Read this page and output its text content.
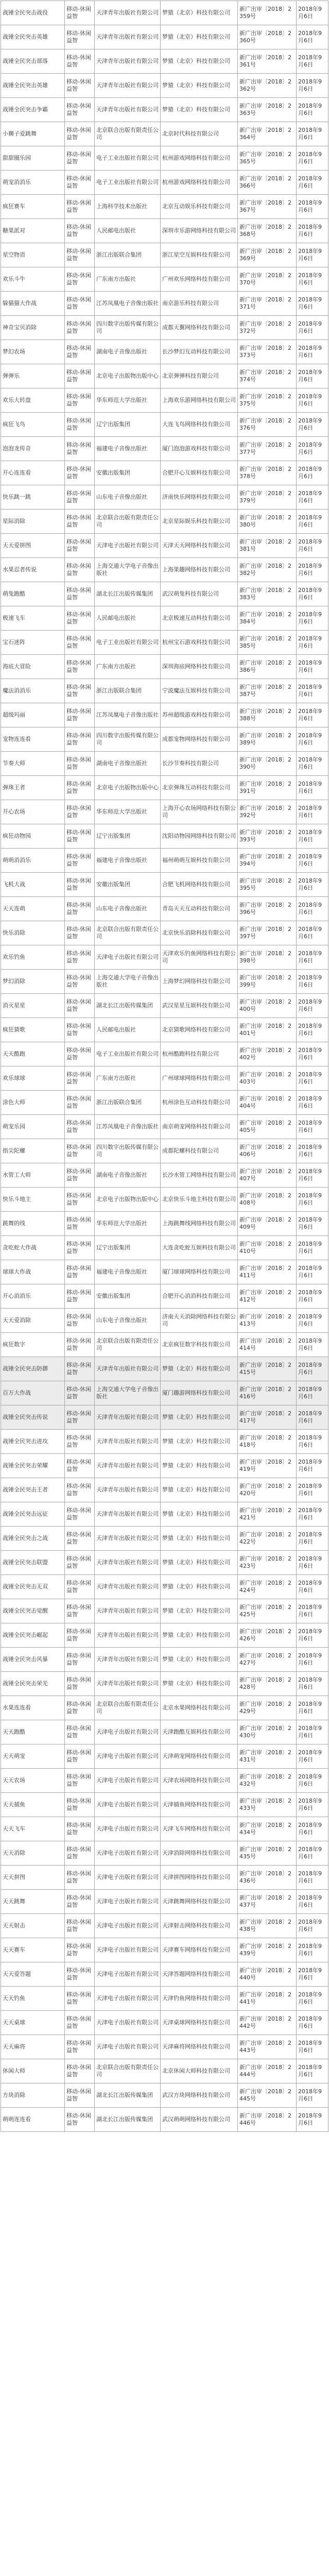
战锤全民突击战役	移动-休闲益智	天津青年出版社有限公司	梦猿（北京）科技有限公司	新广出审〔2018〕2359号	2018年9月6日
战锤全民突击英雄	移动-休闲益智	天津青年出版社有限公司	梦猿（北京）科技有限公司	新广出审〔2018〕2360号	2018年9月6日
战锤全民突击部落	移动-休闲益智	天津青年出版社有限公司	梦猿（北京）科技有限公司	新广出审〔2018〕2361号	2018年9月6日
战锤全民突击英雄	移动-休闲益智	天津青年出版社有限公司	梦猿（北京）科技有限公司	新广出审〔2018〕2362号	2018年9月6日
战锤全民突击争霸	移动-休闲益智	天津青年出版社有限公司	梦猿（北京）科技有限公司	新广出审〔2018〕2363号	2018年9月6日
小狮子爱跳舞	移动-休闲益智	北京联合出版有限责任公司	北京时代科技有限公司	新广出审〔2018〕2364号	2018年9月6日
甜甜圈乐园	移动-休闲益智	电子工业出版社有限公司	杭州游戏网络科技有限公司	新广出审〔2018〕2365号	2018年9月6日
萌宠消消乐	移动-休闲益智	电子工业出版社有限公司	杭州游戏网络科技有限公司	新广出审〔2018〕2366号	2018年9月6日
疯狂赛车	移动-休闲益智	上海科学技术出版社	北京互动娱乐科技有限公司	新广出审〔2018〕2367号	2018年9月6日
糖果派对	移动-休闲益智	人民邮电出版社	深圳市乐游网络科技有限公司	新广出审〔2018〕2368号	2018年9月6日
星空物语	移动-休闲益智	浙江出版联合集团	浙江星空互娱科技有限公司	新广出审〔2018〕2369号	2018年9月6日
欢乐斗牛	移动-休闲益智	广东南方出版社	广州欢乐网络科技有限公司	新广出审〔2018〕2370号	2018年9月6日
躲猫猫大作战	移动-休闲益智	江苏凤凰电子音像出版社	南京游乐科技有限公司	新广出审〔2018〕2371号	2018年9月6日
神奇宝贝消除	移动-休闲益智	四川数字出版传媒有限公司	成都天翼网络科技有限公司	新广出审〔2018〕2372号	2018年9月6日
梦幻农场	移动-休闲益智	湖南电子音像出版社	长沙梦幻互动科技有限公司	新广出审〔2018〕2373号	2018年9月6日
弹弹乐	移动-休闲益智	北京电子出版物出版中心	北京弹弹科技有限公司	新广出审〔2018〕2374号	2018年9月6日
欢乐大转盘	移动-休闲益智	华东师范大学出版社	上海欢乐游网络科技有限公司	新广出审〔2018〕2375号	2018年9月6日
疯狂飞鸟	移动-休闲益智	辽宁出版集团	大连飞鸟网络科技有限公司	新广出审〔2018〕2376号	2018年9月6日
泡泡龙传奇	移动-休闲益智	福建电子音像出版社	厦门泡泡游戏科技有限公司	新广出审〔2018〕2377号	2018年9月6日
开心连连看	移动-休闲益智	安徽出版集团	合肥开心互娱科技有限公司	新广出审〔2018〕2378号	2018年9月6日
快乐跳一跳	移动-休闲益智	山东电子音像出版社	济南快乐网络科技有限公司	新广出审〔2018〕2379号	2018年9月6日
星际消除	移动-休闲益智	北京联合出版有限责任公司	北京星际娱乐科技有限公司	新广出审〔2018〕2380号	2018年9月6日
天天爱拼图	移动-休闲益智	天津电子出版社有限公司	天津天天网络科技有限公司	新广出审〔2018〕2381号	2018年9月6日
水果忍者传说	移动-休闲益智	上海交通大学电子音像出版社	上海果趣网络科技有限公司	新广出审〔2018〕2382号	2018年9月6日
萌兔跑酷	移动-休闲益智	湖北长江出版传媒集团	武汉萌兔科技有限公司	新广出审〔2018〕2383号	2018年9月6日
极速飞车	移动-休闲益智	人民邮电出版社	北京极速互动科技有限公司	新广出审〔2018〕2384号	2018年9月6日
宝石迷阵	移动-休闲益智	电子工业出版社有限公司	杭州宝石游戏科技有限公司	新广出审〔2018〕2385号	2018年9月6日
海底大冒险	移动-休闲益智	广东南方出版社	深圳海底网络科技有限公司	新广出审〔2018〕2386号	2018年9月6日
魔法消消乐	移动-休闲益智	浙江出版联合集团	宁波魔法互娱科技有限公司	新广出审〔2018〕2387号	2018年9月6日
超级玛丽	移动-休闲益智	江苏凤凰电子音像出版社	苏州超级游戏科技有限公司	新广出审〔2018〕2388号	2018年9月6日
宠物连连看	移动-休闲益智	四川数字出版传媒有限公司	成都宠物网络科技有限公司	新广出审〔2018〕2389号	2018年9月6日
节奏大师	移动-休闲益智	湖南电子音像出版社	长沙节奏科技有限公司	新广出审〔2018〕2390号	2018年9月6日
弹珠王者	移动-休闲益智	北京电子出版物出版中心	北京弹珠互动科技有限公司	新广出审〔2018〕2391号	2018年9月6日
开心农场	移动-休闲益智	华东师范大学出版社	上海开心农场网络科技有限公司	新广出审〔2018〕2392号	2018年9月6日
疯狂动物园	移动-休闲益智	辽宁出版集团	沈阳动物园网络科技有限公司	新广出审〔2018〕2393号	2018年9月6日
萌萌消消乐	移动-休闲益智	福建电子音像出版社	福州萌萌互娱科技有限公司	新广出审〔2018〕2394号	2018年9月6日
飞机大战	移动-休闲益智	安徽出版集团	合肥飞机网络科技有限公司	新广出审〔2018〕2395号	2018年9月6日
天天连萌	移动-休闲益智	山东电子音像出版社	青岛天天互动科技有限公司	新广出审〔2018〕2396号	2018年9月6日
快乐消除	移动-休闲益智	北京联合出版有限责任公司	北京快乐消除科技有限公司	新广出审〔2018〕2397号	2018年9月6日
欢乐钓鱼	移动-休闲益智	天津电子出版社有限公司	天津欢乐钓鱼网络科技有限公司	新广出审〔2018〕2398号	2018年9月6日
梦幻消除	移动-休闲益智	上海交通大学电子音像出版社	上海梦幻网络科技有限公司	新广出审〔2018〕2399号	2018年9月6日
消灭星星	移动-休闲益智	湖北长江出版传媒集团	武汉星星互娱科技有限公司	新广出审〔2018〕2400号	2018年9月6日
疯狂猜歌	移动-休闲益智	人民邮电出版社	北京猜歌网络科技有限公司	新广出审〔2018〕2401号	2018年9月6日
天天酷跑	移动-休闲益智	电子工业出版社有限公司	杭州酷跑科技有限公司	新广出审〔2018〕2402号	2018年9月6日
欢乐球球	移动-休闲益智	广东南方出版社	广州球球网络科技有限公司	新广出审〔2018〕2403号	2018年9月6日
涂色大师	移动-休闲益智	浙江出版联合集团	杭州涂色互动科技有限公司	新广出审〔2018〕2404号	2018年9月6日
萌宠乐园	移动-休闲益智	江苏凤凰电子音像出版社	南京萌宠网络科技有限公司	新广出审〔2018〕2405号	2018年9月6日
指尖陀螺	移动-休闲益智	四川数字出版传媒有限公司	成都陀螺科技有限公司	新广出审〔2018〕2406号	2018年9月6日
水管工大师	移动-休闲益智	湖南电子音像出版社	长沙水管工网络科技有限公司	新广出审〔2018〕2407号	2018年9月6日
快乐斗地主	移动-休闲益智	北京电子出版物出版中心	北京快乐斗地主科技有限公司	新广出审〔2018〕2408号	2018年9月6日
跳舞的线	移动-休闲益智	华东师范大学出版社	上海跳舞线网络科技有限公司	新广出审〔2018〕2409号	2018年9月6日
贪吃蛇大作战	移动-休闲益智	辽宁出版集团	大连贪吃蛇互娱科技有限公司	新广出审〔2018〕2410号	2018年9月6日
球球大作战	移动-休闲益智	福建电子音像出版社	厦门球球网络科技有限公司	新广出审〔2018〕2411号	2018年9月6日
开心消消乐	移动-休闲益智	安徽出版集团	合肥开心消消科技有限公司	新广出审〔2018〕2412号	2018年9月6日
天天爱消除	移动-休闲益智	山东电子音像出版社	济南天天消除网络科技有限公司	新广出审〔2018〕2413号	2018年9月6日
疯狂数字	移动-休闲益智	北京联合出版有限责任公司	北京疯狂数字科技有限公司	新广出审〔2018〕2414号	2018年9月6日
战锤全民突击防御	移动-休闲益智	天津青年出版社有限公司	梦猿（北京）科技有限公司	新广出审〔2018〕2415号	2018年9月6日
百万大作战	移动-休闲益智	上海交通大学电子音像出版社	厦门趣游网络科技有限公司	新广出审〔2018〕2416号	2018年9月6日
战锤全民突击传说	移动-休闲益智	天津青年出版社有限公司	梦猿（北京）科技有限公司	新广出审〔2018〕2417号	2018年9月6日
战锤全民突击进攻	移动-休闲益智	天津青年出版社有限公司	梦猿（北京）科技有限公司	新广出审〔2018〕2418号	2018年9月6日
战锤全民突击荣耀	移动-休闲益智	天津青年出版社有限公司	梦猿（北京）科技有限公司	新广出审〔2018〕2419号	2018年9月6日
战锤全民突击王者	移动-休闲益智	天津青年出版社有限公司	梦猿（北京）科技有限公司	新广出审〔2018〕2420号	2018年9月6日
战锤全民突击远征	移动-休闲益智	天津青年出版社有限公司	梦猿（北京）科技有限公司	新广出审〔2018〕2421号	2018年9月6日
战锤全民突击之战	移动-休闲益智	天津青年出版社有限公司	梦猿（北京）科技有限公司	新广出审〔2018〕2422号	2018年9月6日
战锤全民突击联盟	移动-休闲益智	天津青年出版社有限公司	梦猿（北京）科技有限公司	新广出审〔2018〕2423号	2018年9月6日
战锤全民突击无双	移动-休闲益智	天津青年出版社有限公司	梦猿（北京）科技有限公司	新广出审〔2018〕2424号	2018年9月6日
战锤全民突击觉醒	移动-休闲益智	天津青年出版社有限公司	梦猿（北京）科技有限公司	新广出审〔2018〕2425号	2018年9月6日
战锤全民突击崛起	移动-休闲益智	天津青年出版社有限公司	梦猿（北京）科技有限公司	新广出审〔2018〕2426号	2018年9月6日
战锤全民突击风暴	移动-休闲益智	天津青年出版社有限公司	梦猿（北京）科技有限公司	新广出审〔2018〕2427号	2018年9月6日
战锤全民突击荣光	移动-休闲益智	天津青年出版社有限公司	梦猿（北京）科技有限公司	新广出审〔2018〕2428号	2018年9月6日
水果连连看	移动-休闲益智	北京联合出版有限责任公司	北京水果网络科技有限公司	新广出审〔2018〕2429号	2018年9月6日
天天跑酷	移动-休闲益智	天津电子出版社有限公司	天津跑酷互娱科技有限公司	新广出审〔2018〕2430号	2018年9月6日
天天萌宠	移动-休闲益智	天津电子出版社有限公司	天津萌宠网络科技有限公司	新广出审〔2018〕2431号	2018年9月6日
天天农场	移动-休闲益智	天津电子出版社有限公司	天津农场网络科技有限公司	新广出审〔2018〕2432号	2018年9月6日
天天捕鱼	移动-休闲益智	天津电子出版社有限公司	天津捕鱼网络科技有限公司	新广出审〔2018〕2433号	2018年9月6日
天天飞车	移动-休闲益智	天津电子出版社有限公司	天津飞车网络科技有限公司	新广出审〔2018〕2434号	2018年9月6日
天天消除	移动-休闲益智	天津电子出版社有限公司	天津消除网络科技有限公司	新广出审〔2018〕2435号	2018年9月6日
天天拼图	移动-休闲益智	天津电子出版社有限公司	天津拼图网络科技有限公司	新广出审〔2018〕2436号	2018年9月6日
天天跳舞	移动-休闲益智	天津电子出版社有限公司	天津跳舞网络科技有限公司	新广出审〔2018〕2437号	2018年9月6日
天天射击	移动-休闲益智	天津电子出版社有限公司	天津射击网络科技有限公司	新广出审〔2018〕2438号	2018年9月6日
天天赛车	移动-休闲益智	天津电子出版社有限公司	天津赛车网络科技有限公司	新广出审〔2018〕2439号	2018年9月6日
天天爱答题	移动-休闲益智	天津电子出版社有限公司	天津答题网络科技有限公司	新广出审〔2018〕2440号	2018年9月6日
天天钓鱼	移动-休闲益智	天津电子出版社有限公司	天津钓鱼网络科技有限公司	新广出审〔2018〕2441号	2018年9月6日
天天桌球	移动-休闲益智	天津电子出版社有限公司	天津桌球网络科技有限公司	新广出审〔2018〕2442号	2018年9月6日
天天麻将	移动-休闲益智	天津电子出版社有限公司	天津麻将网络科技有限公司	新广出审〔2018〕2443号	2018年9月6日
休闲大师	移动-休闲益智	北京联合出版有限责任公司	北京休闲大师科技有限公司	新广出审〔2018〕2444号	2018年9月6日
方块消除	移动-休闲益智	湖北长江出版传媒集团	武汉方块网络科技有限公司	新广出审〔2018〕2445号	2018年9月6日
萌萌连连看	移动-休闲益智	湖北长江出版传媒集团	武汉萌萌网络科技有限公司	新广出审〔2018〕2446号	2018年9月6日
